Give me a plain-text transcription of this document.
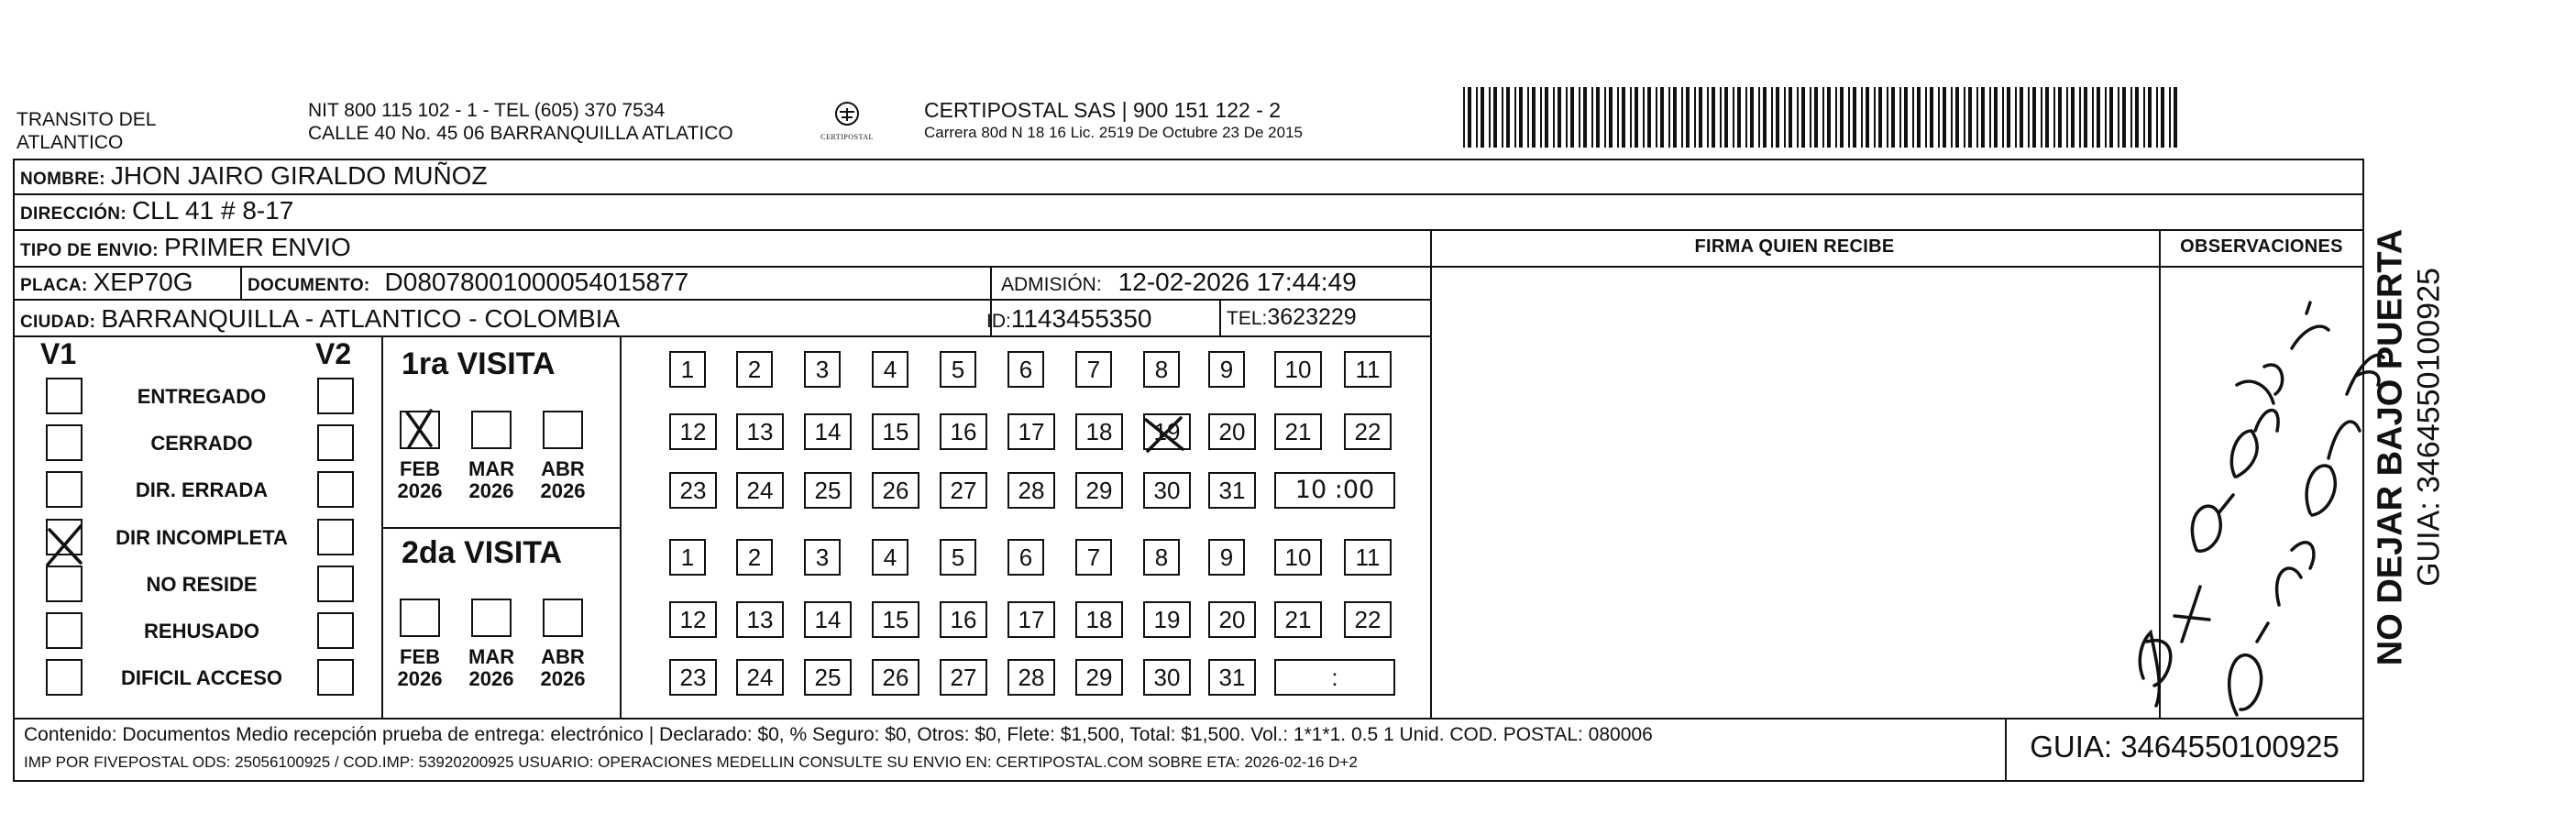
TRANSITO DEL
ATLANTICO
NIT 800 115 102 - 1 - TEL (605) 370 7534
CALLE 40 No. 45 06 BARRANQUILLA ATLATICO	CERTIPOSTAL
CERTIPOSTAL SAS | 900 151 122 - 2
Carrera 80d N 18 16 Lic. 2519 De Octubre 23 De 2015
NOMBRE: JHON JAIRO GIRALDO MUÑOZ
DIRECCIÓN: CLL 41 # 8-17
TIPO DE ENVIO: PRIMER ENVIO
PLACA: XEP70G	DOCUMENTO: D08078001000054015877	ADMISIÓN: 12-02-2026 17:44:49
CIUDAD: BARRANQUILLA - ATLANTICO - COLOMBIA	ID: 1143455350	TEL: 3623229
FIRMA QUIEN RECIBE	OBSERVACIONES
V1	V2
ENTREGADO
CERRADO
DIR. ERRADA
DIR INCOMPLETA
NO RESIDE
REHUSADO
DIFICIL ACCESO
1ra VISITA
2da VISITA
FEB
2026
MAR
2026
ABR
2026
FEB
2026
MAR
2026
ABR
2026
1	2	3	4	5	6	7	8	9	10	11
12	13	14	15	16	17	18	19	20	21	22
23	24	25	26	27	28	29	30	31
1	2	3	4	5	6	7	8	9	10	11
12	13	14	15	16	17	18	19	20	21	22
23	24	25	26	27	28	29	30	31
10 :00
:
NO DEJAR BAJO PUERTA GUIA: 3464550100925
Contenido: Documentos Medio recepción prueba de entrega: electrónico | Declarado: $0, % Seguro: $0, Otros: $0, Flete: $1,500, Total: $1,500. Vol.: 1*1*1. 0.5 1 Unid. COD. POSTAL: 080006
IMP POR FIVEPOSTAL ODS: 25056100925 / COD.IMP: 53920200925 USUARIO: OPERACIONES MEDELLIN CONSULTE SU ENVIO EN: CERTIPOSTAL.COM SOBRE ETA: 2026-02-16 D+2	GUIA: 3464550100925
